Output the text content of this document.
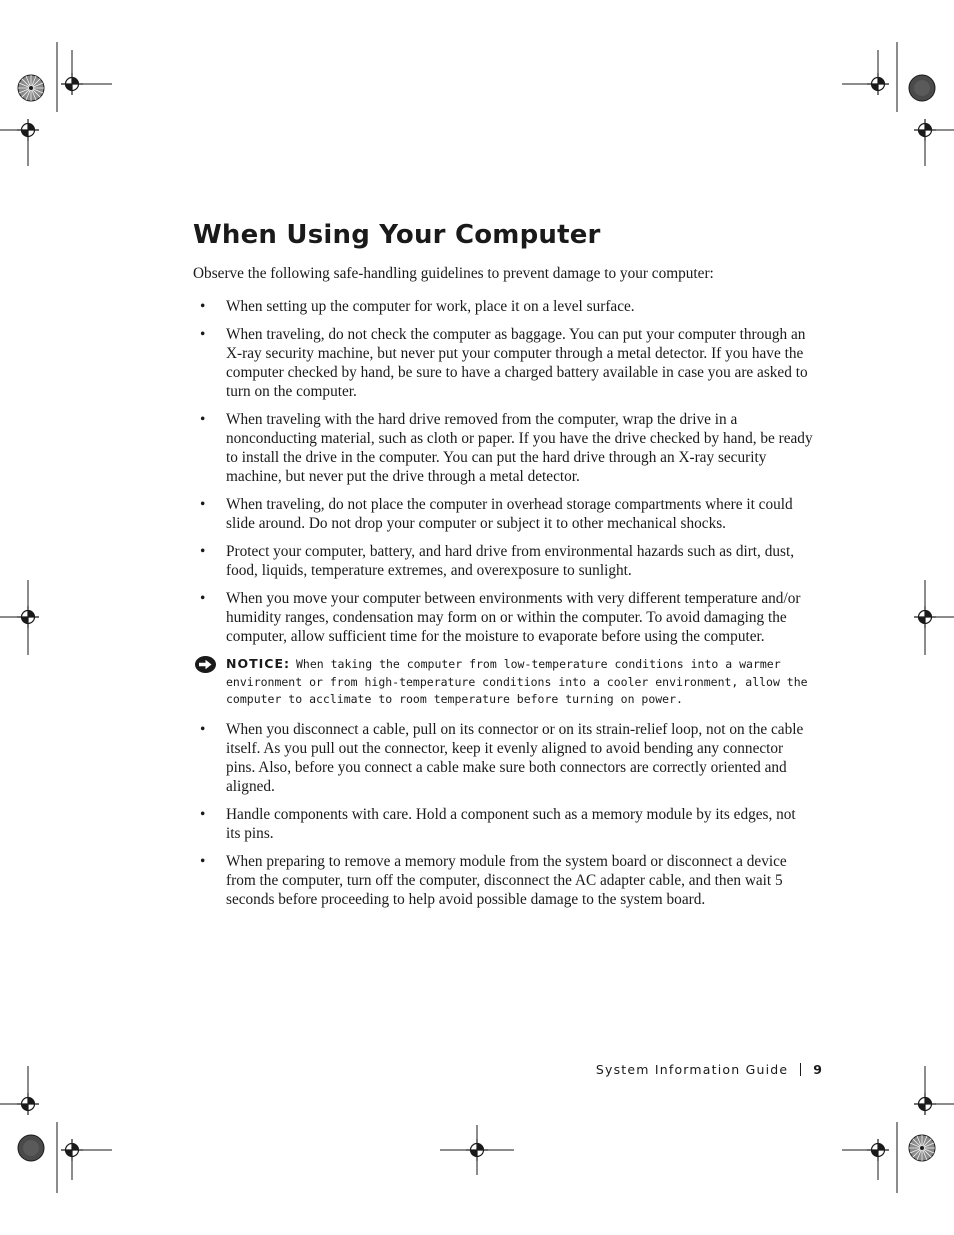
When Using Your Computer

Observe the following safe-handling guidelines to prevent damage to your computer:

• When setting up the computer for work, place it on a level surface.
• When traveling, do not check the computer as baggage. You can put your computer through an X-ray security machine, but never put your computer through a metal detector. If you have the computer checked by hand, be sure to have a charged battery available in case you are asked to turn on the computer.
• When traveling with the hard drive removed from the computer, wrap the drive in a nonconducting material, such as cloth or paper. If you have the drive checked by hand, be ready to install the drive in the computer. You can put the hard drive through an X-ray security machine, but never put the drive through a metal detector.
• When traveling, do not place the computer in overhead storage compartments where it could slide around. Do not drop your computer or subject it to other mechanical shocks.
• Protect your computer, battery, and hard drive from environmental hazards such as dirt, dust, food, liquids, temperature extremes, and overexposure to sunlight.
• When you move your computer between environments with very different temperature and/or humidity ranges, condensation may form on or within the computer. To avoid damaging the computer, allow sufficient time for the moisture to evaporate before using the computer.
NOTICE: When taking the computer from low-temperature conditions into a warmer environment or from high-temperature conditions into a cooler environment, allow the computer to acclimate to room temperature before turning on power.
• When you disconnect a cable, pull on its connector or on its strain-relief loop, not on the cable itself. As you pull out the connector, keep it evenly aligned to avoid bending any connector pins. Also, before you connect a cable make sure both connectors are correctly oriented and aligned.
• Handle components with care. Hold a component such as a memory module by its edges, not its pins.
• When preparing to remove a memory module from the system board or disconnect a device from the computer, turn off the computer, disconnect the AC adapter cable, and then wait 5 seconds before proceeding to help avoid possible damage to the system board.
System Information Guide 9
